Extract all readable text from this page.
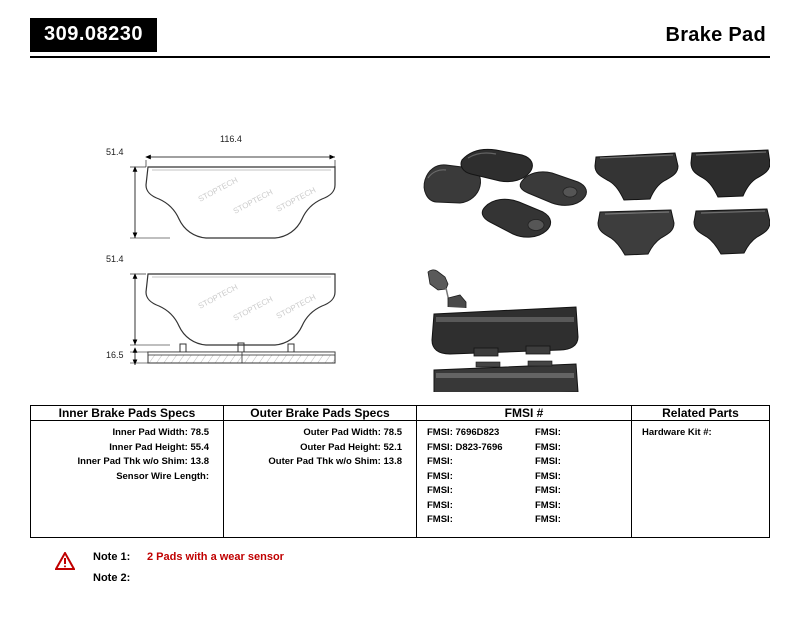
309.08230	Brake Pad
STOPTECH
STOPTECH STOPTECH
STOPTECH
STOPTECH STOPTECH
116.4
51.4
51.4
16.5
Inner Brake Pads Specs	Outer Brake Pads Specs	FMSI #	Related Parts

Inner Pad Width: 78.5
Inner Pad Height: 55.4
Inner Pad Thk w/o Shim: 13.8
Sensor Wire Length:

Outer Pad Width: 78.5
Outer Pad Height: 52.1
Outer Pad Thk w/o Shim: 13.8

FMSI: 7696D823	FMSI:
FMSI: D823-7696	FMSI:
FMSI:	FMSI:
FMSI:	FMSI:
FMSI:	FMSI:
FMSI:	FMSI:
FMSI:	FMSI:

Hardware Kit #:
Note 1: 2 Pads with a wear sensor
Note 2:
